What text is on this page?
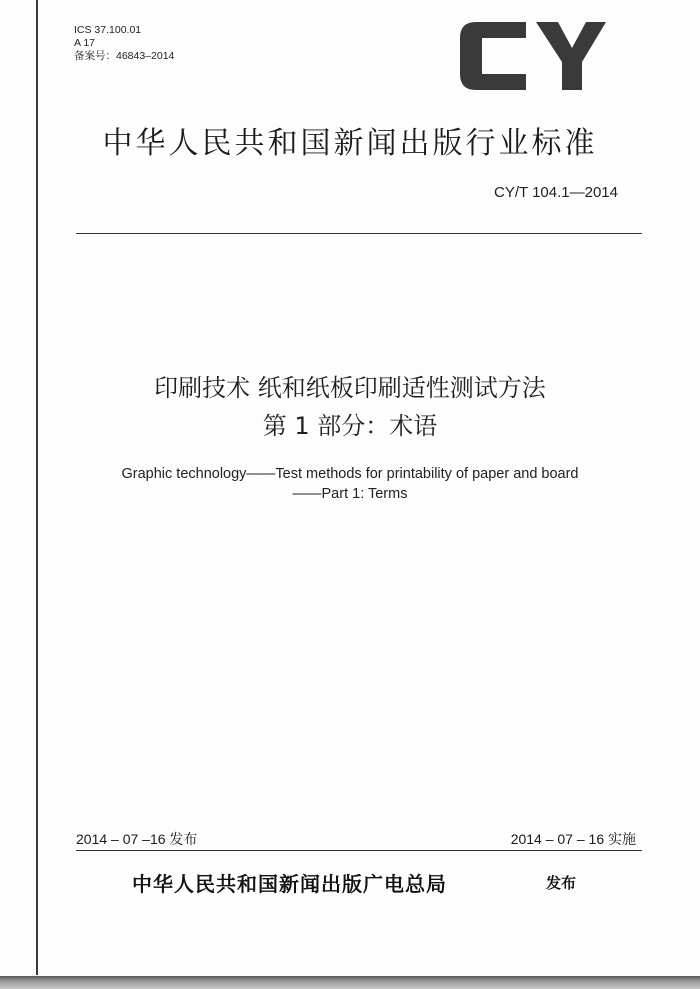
ICS 37.100.01
A 17
备案号：46843–2014
中华人民共和国新闻出版行业标准
CY/T 104.1—2014
印刷技术 纸和纸板印刷适性测试方法
第 1 部分：术语
Graphic technology——Test methods for printability of paper and board
——Part 1: Terms
2014 – 07 –16 发布	2014 – 07 – 16 实施
中华人民共和国新闻出版广电总局	发布
